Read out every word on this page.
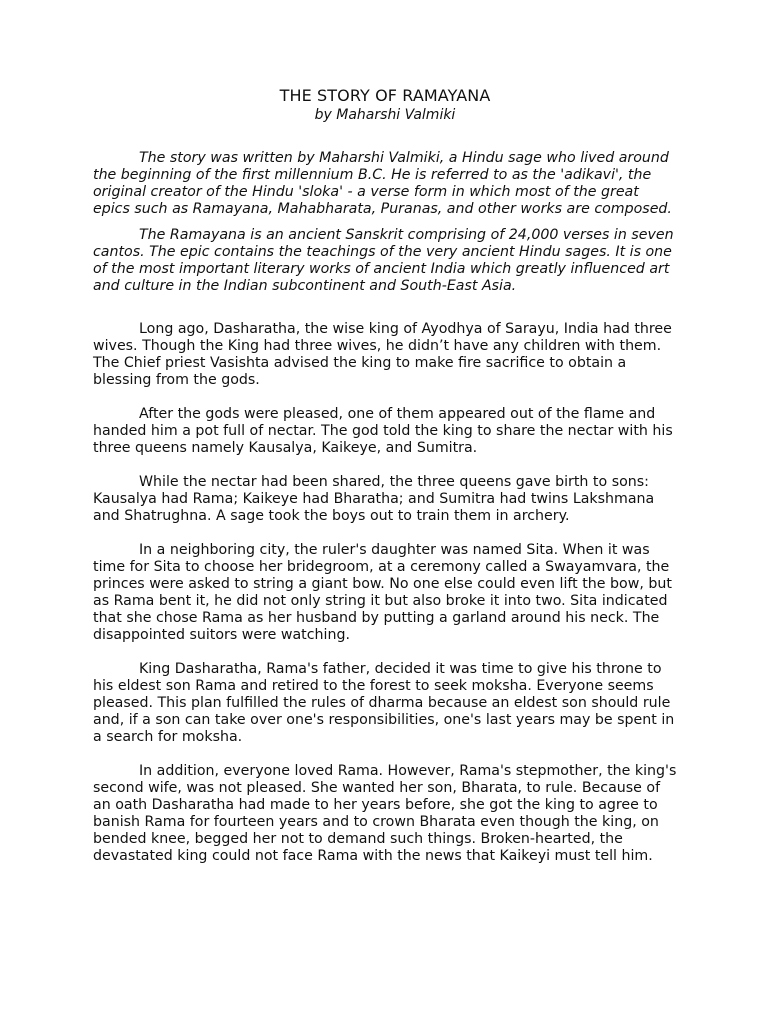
THE STORY OF RAMAYANA

by Maharshi Valmiki

The story was written by Maharshi Valmiki, a Hindu sage who lived around the beginning of the first millennium B.C. He is referred to as the 'adikavi', the original creator of the Hindu 'sloka' - a verse form in which most of the great epics such as Ramayana, Mahabharata, Puranas, and other works are composed.

The Ramayana is an ancient Sanskrit comprising of 24,000 verses in seven cantos. The epic contains the teachings of the very ancient Hindu sages. It is one of the most important literary works of ancient India which greatly influenced art and culture in the Indian subcontinent and South-East Asia.

Long ago, Dasharatha, the wise king of Ayodhya of Sarayu, India had three wives. Though the King had three wives, he didn’t have any children with them. The Chief priest Vasishta advised the king to make fire sacrifice to obtain a blessing from the gods.

After the gods were pleased, one of them appeared out of the flame and handed him a pot full of nectar. The god told the king to share the nectar with his three queens namely Kausalya, Kaikeye, and Sumitra.

While the nectar had been shared, the three queens gave birth to sons: Kausalya had Rama; Kaikeye had Bharatha; and Sumitra had twins Lakshmana and Shatrughna. A sage took the boys out to train them in archery.

In a neighboring city, the ruler's daughter was named Sita. When it was time for Sita to choose her bridegroom, at a ceremony called a Swayamvara, the princes were asked to string a giant bow. No one else could even lift the bow, but as Rama bent it, he did not only string it but also broke it into two. Sita indicated that she chose Rama as her husband by putting a garland around his neck. The disappointed suitors were watching.

King Dasharatha, Rama's father, decided it was time to give his throne to his eldest son Rama and retired to the forest to seek moksha. Everyone seems pleased. This plan fulfilled the rules of dharma because an eldest son should rule and, if a son can take over one's responsibilities, one's last years may be spent in a search for moksha.

In addition, everyone loved Rama. However, Rama's stepmother, the king's second wife, was not pleased. She wanted her son, Bharata, to rule. Because of an oath Dasharatha had made to her years before, she got the king to agree to banish Rama for fourteen years and to crown Bharata even though the king, on bended knee, begged her not to demand such things. Broken-hearted, the devastated king could not face Rama with the news that Kaikeyi must tell him.
